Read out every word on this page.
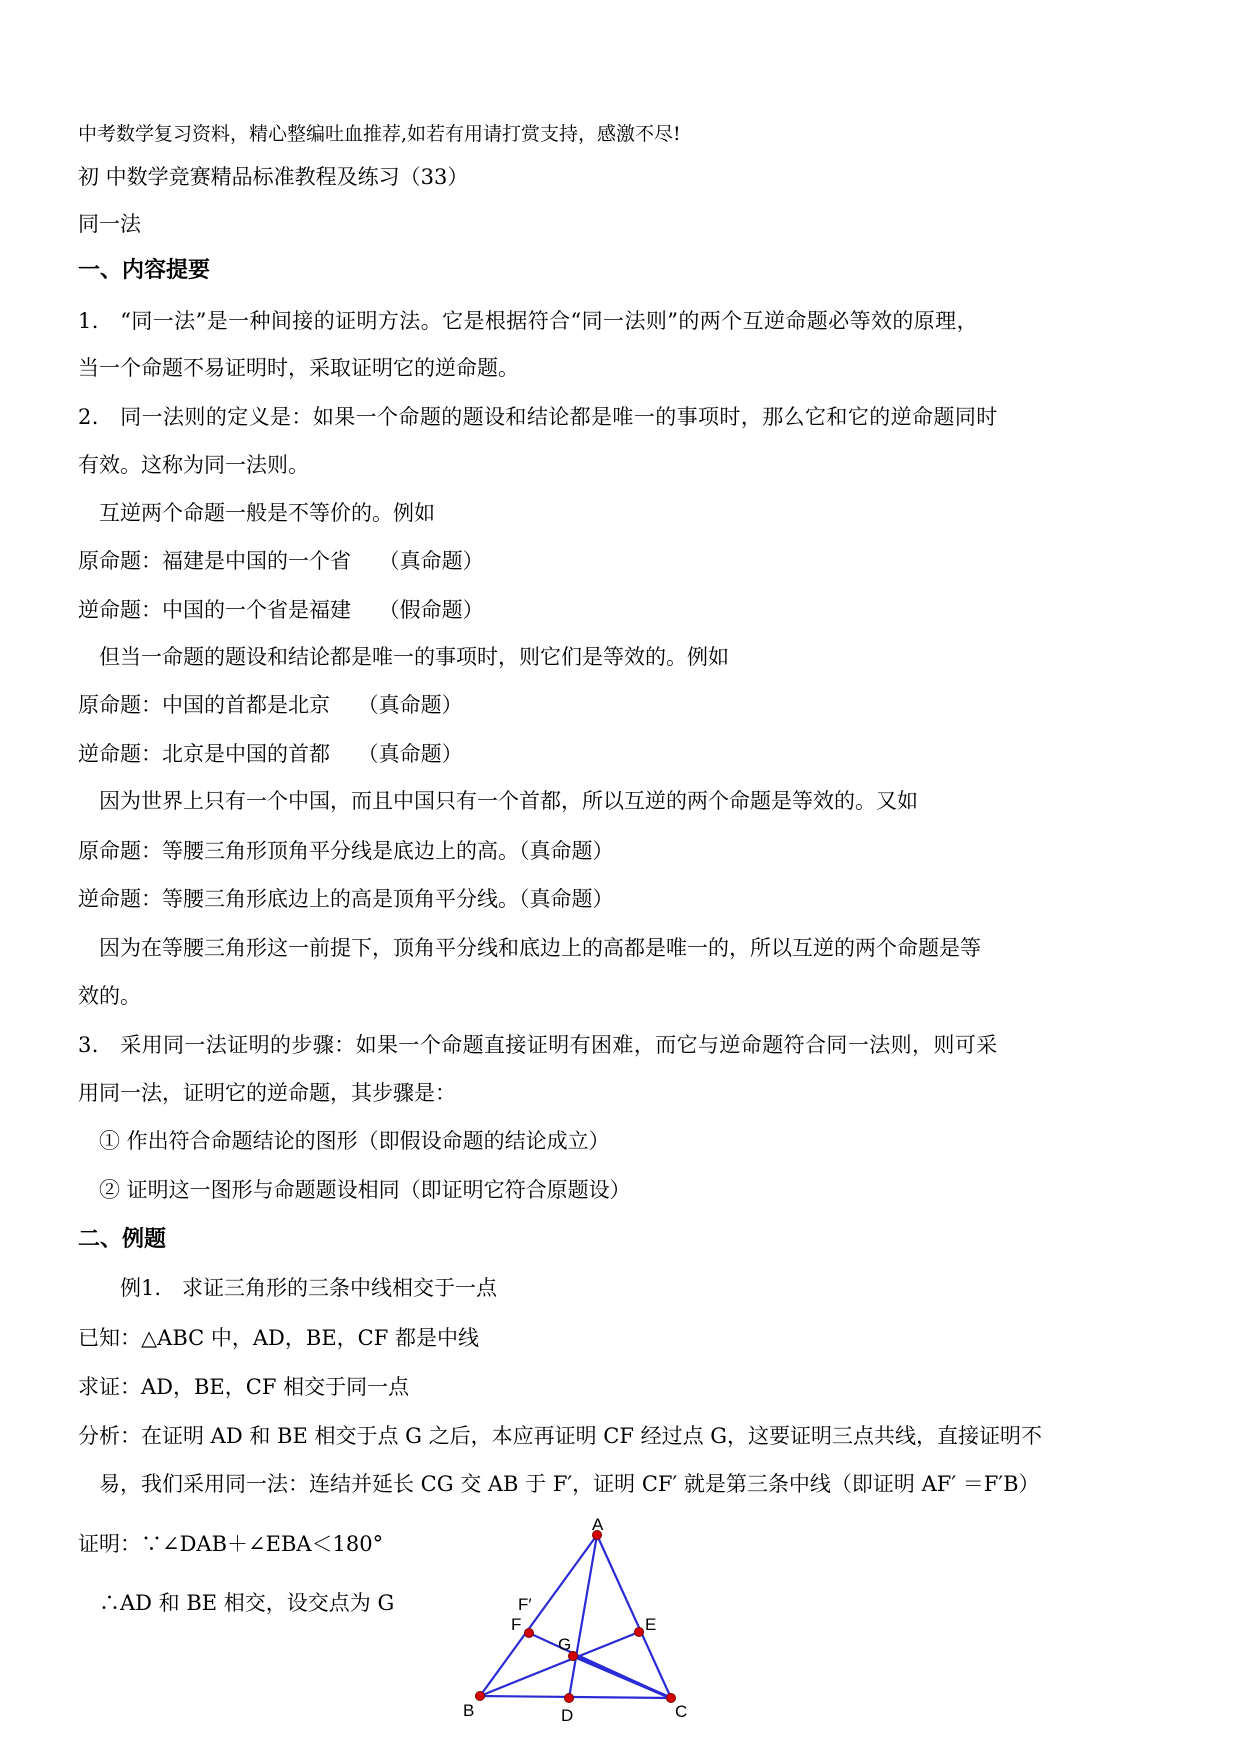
中考数学复习资料，精心整编吐血推荐,如若有用请打赏支持，感激不尽!
初 中数学竞赛精品标准教程及练习（33）
同一法
一、内容提要
1.　“同一法”是一种间接的证明方法。它是根据符合“同一法则”的两个互逆命题必等效的原理，
当一个命题不易证明时，采取证明它的逆命题。
2.　同一法则的定义是：如果一个命题的题设和结论都是唯一的事项时，那么它和它的逆命题同时
有效。这称为同一法则。
　互逆两个命题一般是不等价的。例如
原命题：福建是中国的一个省　 （真命题）
逆命题：中国的一个省是福建　 （假命题）
　但当一命题的题设和结论都是唯一的事项时，则它们是等效的。例如
原命题：中国的首都是北京　 （真命题）
逆命题：北京是中国的首都　 （真命题）
　因为世界上只有一个中国，而且中国只有一个首都，所以互逆的两个命题是等效的。又如
原命题：等腰三角形顶角平分线是底边上的高。（真命题）
逆命题：等腰三角形底边上的高是顶角平分线。（真命题）
　因为在等腰三角形这一前提下，顶角平分线和底边上的高都是唯一的，所以互逆的两个命题是等
效的。
3.　采用同一法证明的步骤：如果一个命题直接证明有困难，而它与逆命题符合同一法则，则可采
用同一法，证明它的逆命题，其步骤是：
　① 作出符合命题结论的图形（即假设命题的结论成立）
　② 证明这一图形与命题题设相同（即证明它符合原题设）
二、例题
　　例1.　求证三角形的三条中线相交于一点
已知：△ABC 中，AD，BE，CF 都是中线
求证：AD，BE，CF 相交于同一点
分析：在证明 AD 和 BE 相交于点 G 之后，本应再证明 CF 经过点 G，这要证明三点共线，直接证明不
　易，我们采用同一法：连结并延长 CG 交 AB 于 F′，证明 CF′ 就是第三条中线（即证明 AF′ ＝F′B）
证明：∵∠DAB＋∠EBA＜180°
　∴AD 和 BE 相交，设交点为 G
A
B	C
D
E
F
F′
G
